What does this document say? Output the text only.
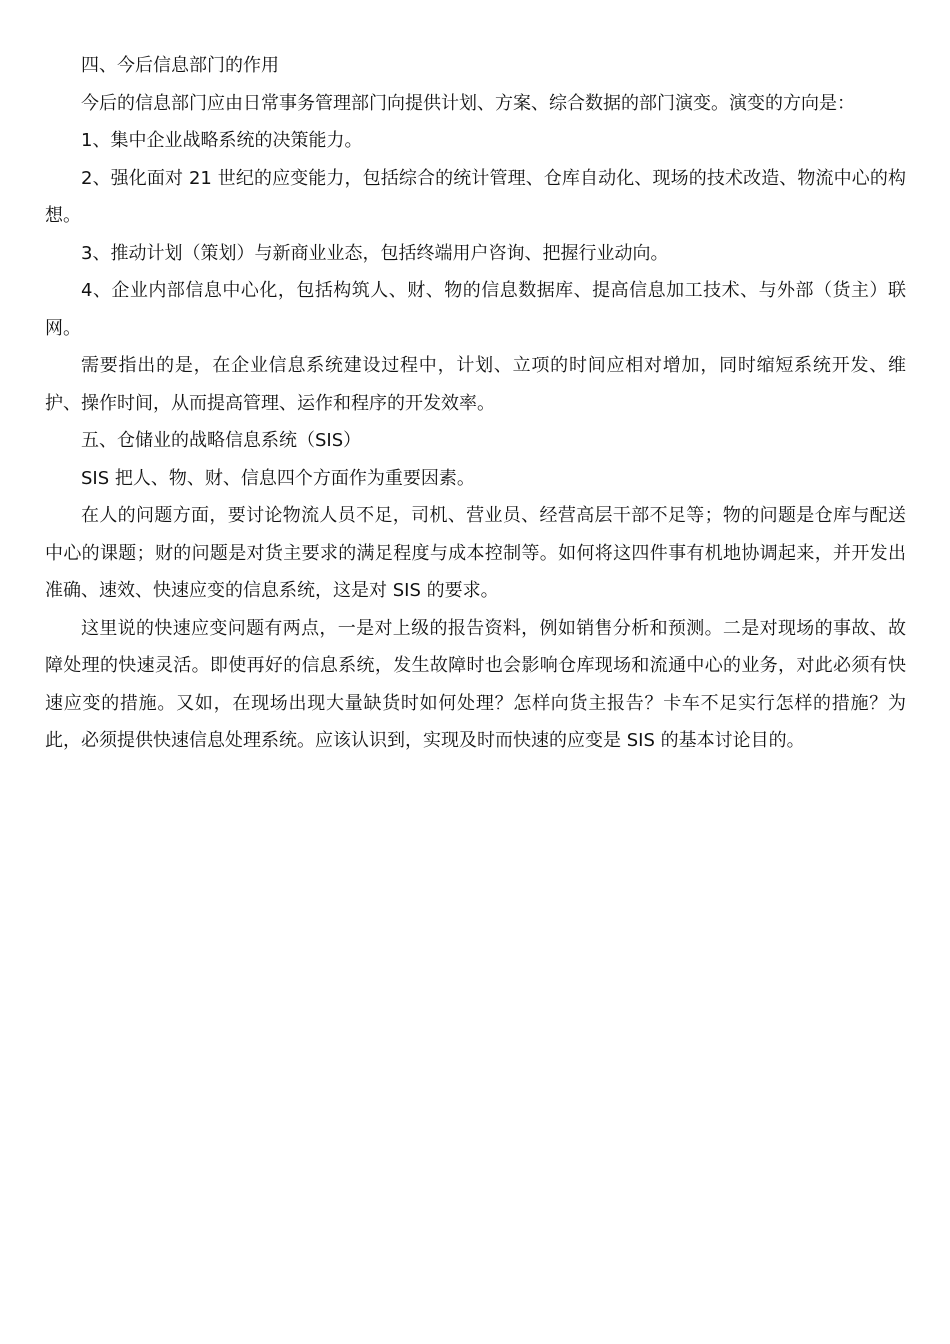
四、今后信息部门的作用

今后的信息部门应由日常事务管理部门向提供计划、方案、综合数据的部门演变。演变的方向是：

1、集中企业战略系统的决策能力。

2、强化面对 21 世纪的应变能力，包括综合的统计管理、仓库自动化、现场的技术改造、物流中心的构想。

3、推动计划（策划）与新商业业态，包括终端用户咨询、把握行业动向。

4、企业内部信息中心化，包括构筑人、财、物的信息数据库、提高信息加工技术、与外部（货主）联网。

需要指出的是，在企业信息系统建设过程中，计划、立项的时间应相对增加，同时缩短系统开发、维护、操作时间，从而提高管理、运作和程序的开发效率。

五、仓储业的战略信息系统（SIS）

SIS 把人、物、财、信息四个方面作为重要因素。

在人的问题方面，要讨论物流人员不足，司机、营业员、经营高层干部不足等；物的问题是仓库与配送中心的课题；财的问题是对货主要求的满足程度与成本控制等。如何将这四件事有机地协调起来，并开发出准确、速效、快速应变的信息系统，这是对 SIS 的要求。

这里说的快速应变问题有两点，一是对上级的报告资料，例如销售分析和预测。二是对现场的事故、故障处理的快速灵活。即使再好的信息系统，发生故障时也会影响仓库现场和流通中心的业务，对此必须有快速应变的措施。又如，在现场出现大量缺货时如何处理？怎样向货主报告？卡车不足实行怎样的措施？为此，必须提供快速信息处理系统。应该认识到，实现及时而快速的应变是 SIS 的基本讨论目的。
